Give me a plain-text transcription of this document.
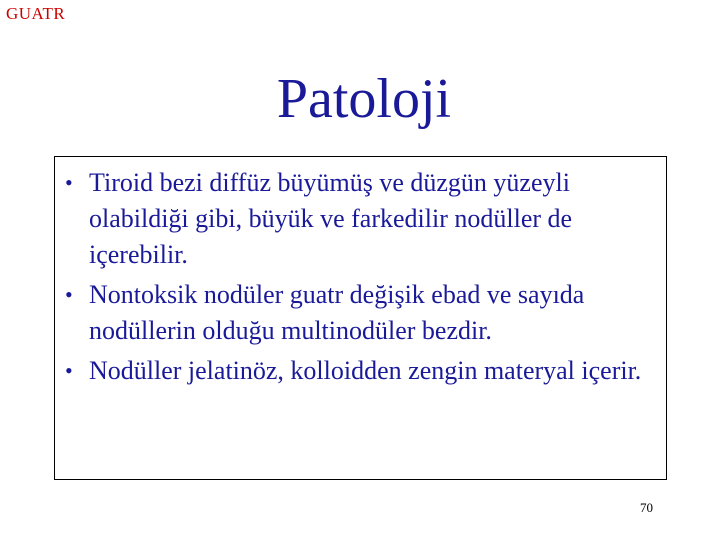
GUATR
Patoloji
• Tiroid bezi diffüz büyümüş ve düzgün yüzeyli olabildiği gibi, büyük ve farkedilir nodüller de içerebilir.
• Nontoksik nodüler guatr değişik ebad ve sayıda nodüllerin olduğu multinodüler bezdir.
• Nodüller jelatinöz, kolloidden zengin materyal içerir.
70
